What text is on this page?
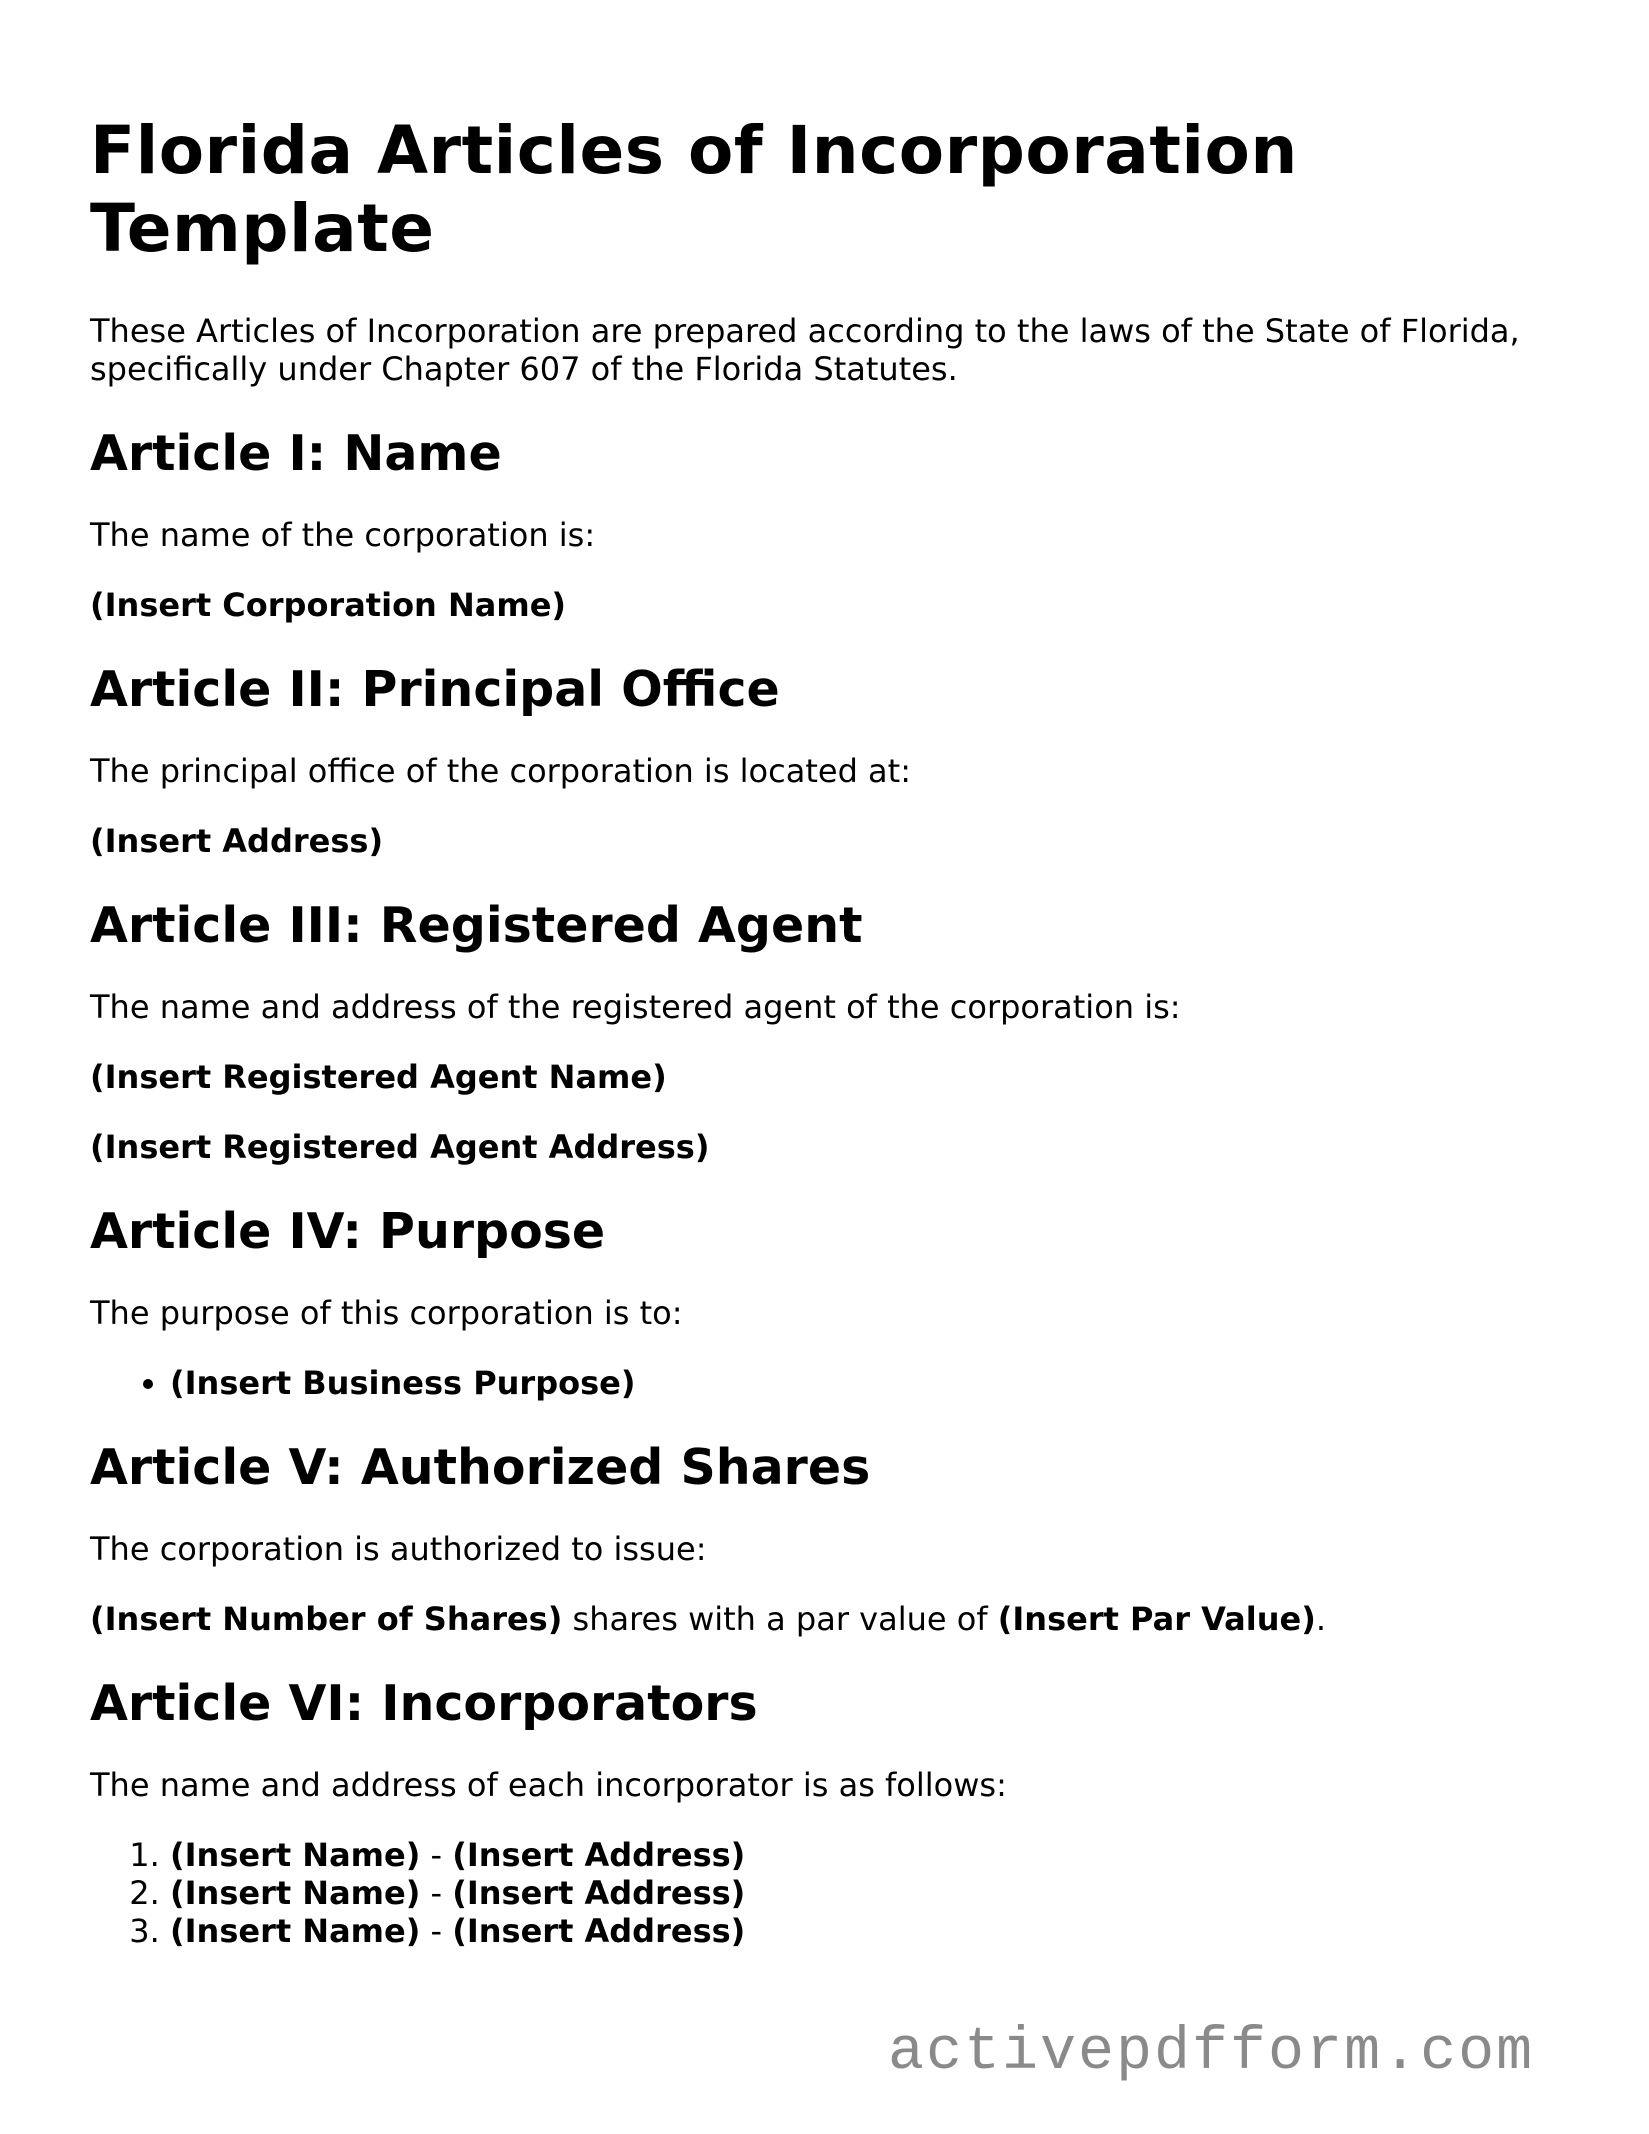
Florida Articles of Incorporation Template

These Articles of Incorporation are prepared according to the laws of the State of Florida, specifically under Chapter 607 of the Florida Statutes.

Article I: Name

The name of the corporation is:

(Insert Corporation Name)

Article II: Principal Office

The principal office of the corporation is located at:

(Insert Address)

Article III: Registered Agent

The name and address of the registered agent of the corporation is:

(Insert Registered Agent Name)

(Insert Registered Agent Address)

Article IV: Purpose

The purpose of this corporation is to:

• (Insert Business Purpose)
Article V: Authorized Shares

The corporation is authorized to issue:

(Insert Number of Shares) shares with a par value of (Insert Par Value).

Article VI: Incorporators

The name and address of each incorporator is as follows:

1. (Insert Name) - (Insert Address)
2. (Insert Name) - (Insert Address)
3. (Insert Name) - (Insert Address)
activepdfform.com
